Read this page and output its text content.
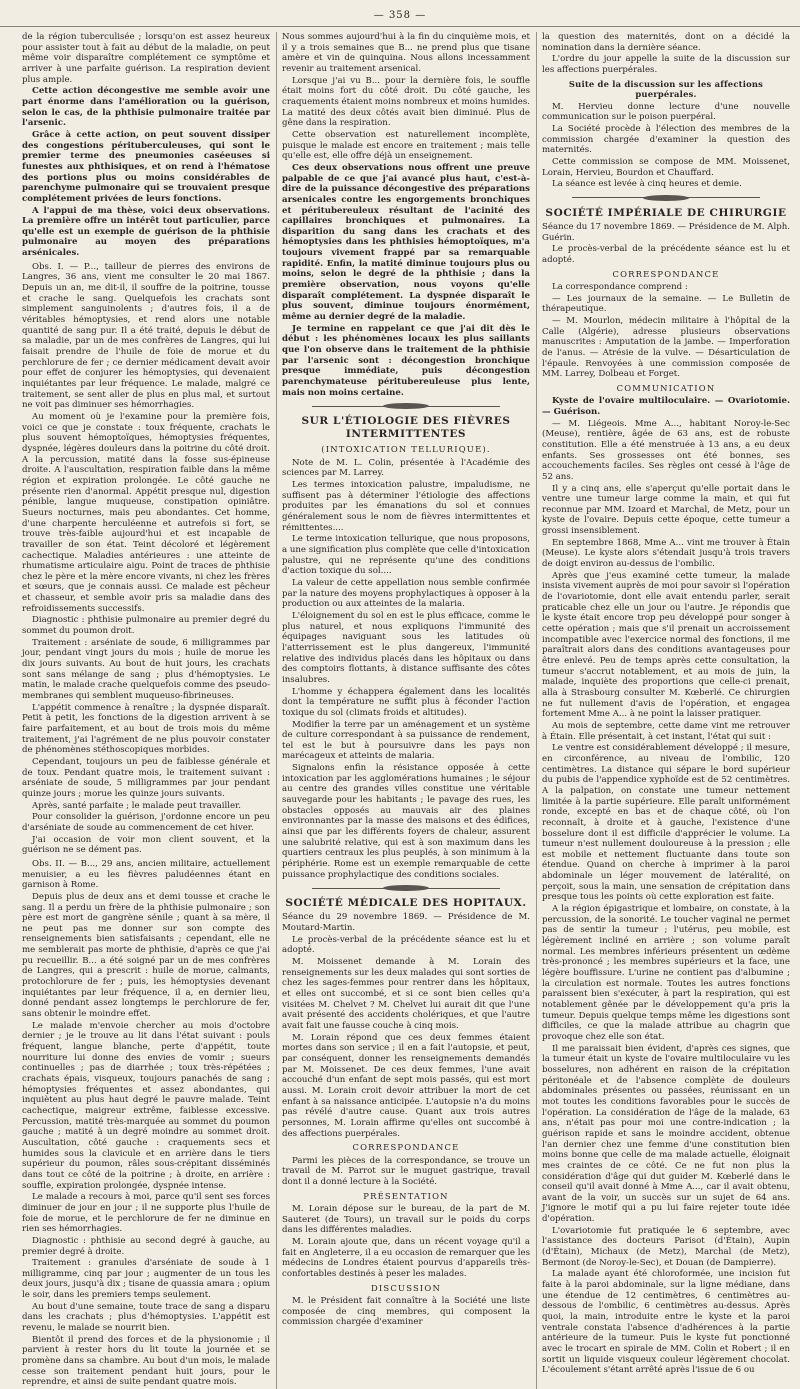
— 358 —

de la région tuberculisée ; lorsqu'on est assez heureux pour assister tout à fait au début de la maladie, on peut même voir disparaître complétement ce symptôme et arriver à une parfaite guérison. La respiration devient plus ample.

Cette action décongestive me semble avoir une part énorme dans l'amélioration ou la guérison, selon le cas, de la phthisie pulmonaire traitée par l'arsenic.

Grâce à cette action, on peut souvent dissiper des congestions pérituberculeuses, qui sont le premier terme des pneumonies caséeuses si funestes aux phthisiques, et on rend à l'hématose des portions plus ou moins considérables de parenchyme pulmonaire qui se trouvaient presque complétement privées de leurs fonctions.

A l'appui de ma thèse, voici deux observations. La première offre un intérêt tout particulier, parce qu'elle est un exemple de guérison de la phthisie pulmonaire au moyen des préparations arsénicales.

Obs. I. — P..., tailleur de pierres des environs de Langres, 36 ans, vient me consulter le 20 mai 1867. Depuis un an, me dit-il, il souffre de la poitrine, tousse et crache le sang. Quelquefois les crachats sont simplement sanguinolents ; d'autres fois, il a de véritables hémoptysies, et rend alors une notable quantité de sang pur. Il a été traité, depuis le début de sa maladie, par un de mes confrères de Langres, qui lui faisait prendre de l'huile de foie de morue et du perchlorure de fer ; ce dernier médicament devait avoir pour effet de conjurer les hémoptysies, qui devenaient inquiétantes par leur fréquence. Le malade, malgré ce traitement, se sent aller de plus en plus mal, et surtout ne voit pas diminuer ses hémorrhagies.

Au moment où je l'examine pour la première fois, voici ce que je constate : toux fréquente, crachats le plus souvent hémoptoïques, hémoptysies fréquentes, dyspnée, légères douleurs dans la poitrine du côté droit. A la percussion, matité dans la fosse sus-épineuse droite. A l'auscultation, respiration faible dans la même région et expiration prolongée. Le côté gauche ne présente rien d'anormal. Appétit presque nul, digestion pénible, langue muqueuse, constipation opiniâtre. Sueurs nocturnes, mais peu abondantes. Cet homme, d'une charpente herculéenne et autrefois si fort, se trouve très-faible aujourd'hui et est incapable de travailler de son état. Teint décoloré et légèrement cachectique. Maladies antérieures : une atteinte de rhumatisme articulaire aigu. Point de traces de phthisie chez le père et la mère encore vivants, ni chez les frères et sœurs, que je connais aussi. Ce malade est pêcheur et chasseur, et semble avoir pris sa maladie dans des refroidissements successifs.

Diagnostic : phthisie pulmonaire au premier degré du sommet du poumon droit.

Traitement : arséniate de soude, 6 milligrammes par jour, pendant vingt jours du mois ; huile de morue les dix jours suivants. Au bout de huit jours, les crachats sont sans mélange de sang ; plus d'hémoptysies. Le matin, le malade crache quelquefois comme des pseudo-membranes qui semblent muqueuso-fibrineuses.

L'appétit commence à renaître ; la dyspnée disparaît. Petit à petit, les fonctions de la digestion arrivent à se faire parfaitement, et au bout de trois mois du même traitement, j'ai l'agrément de ne plus pouvoir constater de phénomènes stéthoscopiques morbides.

Cependant, toujours un peu de faiblesse générale et de toux. Pendant quatre mois, le traitement suivant : arséniate de soude, 5 milligrammes par jour pendant quinze jours ; morue les quinze jours suivants.

Après, santé parfaite ; le malade peut travailler.

Pour consolider la guérison, j'ordonne encore un peu d'arséniate de soude au commencement de cet hiver.

J'ai occasion de voir mon client souvent, et la guérison ne se dément pas.

Obs. II. — B..., 29 ans, ancien militaire, actuellement menuisier, a eu les fièvres paludéennes étant en garnison à Rome.

Depuis plus de deux ans et demi tousse et crache le sang. Il a perdu un frère de la phthisie pulmonaire ; son père est mort de gangrène sénile ; quant à sa mère, il ne peut pas me donner sur son compte des renseignements bien satisfaisants ; cependant, elle ne me semblerait pas morte de phthisie, d'après ce que j'ai pu recueillir. B... a été soigné par un de mes confrères de Langres, qui a prescrit : huile de morue, calmants, protochlorure de fer ; puis, les hémoptysies devenant inquiétantes par leur fréquence, il a, en dernier lieu, donné pendant assez longtemps le perchlorure de fer, sans obtenir le moindre effet.

Le malade m'envoie chercher au mois d'octobre dernier ; je le trouve au lit dans l'état suivant : pouls fréquent, langue blanche, perte d'appétit, toute nourriture lui donne des envies de vomir ; sueurs continuelles ; pas de diarrhée ; toux très-répétées ; crachats épais, visqueux, toujours panachés de sang ; hémoptysies fréquentes et assez abondantes, qui inquiètent au plus haut degré le pauvre malade. Teint cachectique, maigreur extrême, faiblesse excessive. Percussion, matité très-marquée au sommet du poumon gauche ; matité à un degré moindre au sommet droit. Auscultation, côté gauche : craquements secs et humides sous la clavicule et en arrière dans le tiers supérieur du poumon, râles sous-crépitant disséminés dans tout ce côté de la poitrine ; à droite, en arrière : souffle, expiration prolongée, dyspnée intense.

Le malade a recours à moi, parce qu'il sent ses forces diminuer de jour en jour ; il ne supporte plus l'huile de foie de morue, et le perchlorure de fer ne diminue en rien ses hémorrhagies.

Diagnostic : phthisie au second degré à gauche, au premier degré à droite.

Traitement : granules d'arséniate de soude à 1 milligramme, cinq par jour ; augmenter de un tous les deux jours, jusqu'à dix ; tisane de quassia amara ; opium le soir, dans les premiers temps seulement.

Au bout d'une semaine, toute trace de sang a disparu dans les crachats ; plus d'hémoptysies. L'appétit est revenu, le malade se nourrit bien.

Bientôt il prend des forces et de la physionomie ; il parvient à rester hors du lit toute la journée et se promène dans sa chambre. Au bout d'un mois, le malade cesse son traitement pendant huit jours, pour le reprendre, et ainsi de suite pendant quatre mois.

Nous sommes aujourd'hui à la fin du cinquième mois, et il y a trois semaines que B... ne prend plus que tisane amère et vin de quinquina. Nous allons incessamment revenir au traitement arsenical.

Lorsque j'ai vu B... pour la dernière fois, le souffle était moins fort du côté droit. Du côté gauche, les craquements étaient moins nombreux et moins humides. La matité des deux côtés avait bien diminué. Plus de gêne dans la respiration.

Cette observation est naturellement incomplète, puisque le malade est encore en traitement ; mais telle qu'elle est, elle offre déjà un enseignement.

Ces deux observations nous offrent une preuve palpable de ce que j'ai avancé plus haut, c'est-à-dire de la puissance décongestive des préparations arsenicales contre les engorgements bronchiques et péritubereuleux résultant de l'acinité des capillaires bronchiques et pulmonaires. La disparition du sang dans les crachats et des hémoptysies dans les phthisies hémoptoïques, m'a toujours vivement frappé par sa remarquable rapidité. Enfin, la matité diminue toujours plus ou moins, selon le degré de la phthisie ; dans la première observation, nous voyons qu'elle disparaît complétement. La dyspnée disparaît le plus souvent, diminue toujours énormément, même au dernier degré de la maladie.

Je termine en rappelant ce que j'ai dit dès le début : les phénomènes locaux les plus saillants que l'on observe dans le traitement de la phthisie par l'arsenic sont : décongestion bronchique presque immédiate, puis décongestion parenchymateuse péritubereuleuse plus lente, mais non moins certaine.

SUR L'ÉTIOLOGIE DES FIÈVRES INTERMITTENTES

(INTOXICATION TELLURIQUE).

Note de M. L. Colin, présentée à l'Académie des sciences par M. Larrey.

Les termes intoxication palustre, impaludisme, ne suffisent pas à déterminer l'étiologie des affections produites par les émanations du sol et connues généralement sous le nom de fièvres intermittentes et rémittentes....

Le terme intoxication tellurique, que nous proposons, a une signification plus complète que celle d'intoxication palustre, qui ne représente qu'une des conditions d'action toxique du sol....

La valeur de cette appellation nous semble confirmée par la nature des moyens prophylactiques à opposer à la production ou aux atteintes de la malaria.

L'éloignement du sol en est le plus efficace, comme le plus naturel, et nous expliquons l'immunité des équipages naviguant sous les latitudes où l'atterrissement est le plus dangereux, l'immunité relative des individus placés dans les hôpitaux ou dans des comptoirs flottants, à distance suffisante des côtes insalubres.

L'homme y échappera également dans les localités dont la température ne suffit plus à féconder l'action toxique du sol (climats froids et altitudes).

Modifier la terre par un aménagement et un système de culture correspondant à sa puissance de rendement, tel est le but à poursuivre dans les pays non marécageux et atteints de malaria.

Signalons enfin la résistance opposée à cette intoxication par les agglomérations humaines ; le séjour au centre des grandes villes constitue une véritable sauvegarde pour les habitants ; le pavage des rues, les obstacles opposés au mauvais air des plaines environnantes par la masse des maisons et des édifices, ainsi que par les différents foyers de chaleur, assurent une salubrité relative, qui est à son maximum dans les quartiers centraux les plus peuplés, à son minimum à la périphérie. Rome est un exemple remarquable de cette puissance prophylactique des conditions sociales.

SOCIÉTÉ MÉDICALE DES HOPITAUX.

Séance du 29 novembre 1869. — Présidence de M. Moutard-Martin.

Le procès-verbal de la précédente séance est lu et adopté.

M. Moissenet demande à M. Lorain des renseignements sur les deux malades qui sont sorties de chez les sages-femmes pour rentrer dans les hôpitaux, et elles ont succombé, et si ce sont bien celles qu'a visitées M. Chelvet ? M. Chelvet lui aurait dit que l'une avait présenté des accidents cholériques, et que l'autre avait fait une fausse couche à cinq mois.

M. Lorain répond que ces deux femmes étaient mortes dans son service ; il en a fait l'autopsie, et peut, par conséquent, donner les renseignements demandés par M. Moissenet. De ces deux femmes, l'une avait accouché d'un enfant de sept mois passés, qui est mort aussi. M. Lorain croit devoir attribuer la mort de cet enfant à sa naissance anticipée. L'autopsie n'a du moins pas révélé d'autre cause. Quant aux trois autres personnes, M. Lorain affirme qu'elles ont succombé à des affections puerpérales.

CORRESPONDANCE

Parmi les pièces de la correspondance, se trouve un travail de M. Parrot sur le muguet gastrique, travail dont il a donné lecture à la Société.

PRÉSENTATION

M. Lorain dépose sur le bureau, de la part de M. Sauteret (de Tours), un travail sur le poids du corps dans les différentes maladies.

M. Lorain ajoute que, dans un récent voyage qu'il a fait en Angleterre, il a eu occasion de remarquer que les médecins de Londres étaient pourvus d'appareils très-confortables destinés à peser les malades.

DISCUSSION

M. le Président fait connaître à la Société une liste composée de cinq membres, qui composent la commission chargée d'examiner

la question des maternités, dont on a décidé la nomination dans la dernière séance.

L'ordre du jour appelle la suite de la discussion sur les affections puerpérales.

Suite de la discussion sur les affections puerpérales.

M. Hervieu donne lecture d'une nouvelle communication sur le poison puerpéral.

La Société procède à l'élection des membres de la commission chargée d'examiner la question des maternités.

Cette commission se compose de MM. Moissenet, Lorain, Hervieu, Bourdon et Chauffard.

La séance est levée à cinq heures et demie.

SOCIÉTÉ IMPÉRIALE DE CHIRURGIE

Séance du 17 novembre 1869. — Présidence de M. Alph. Guérin.

Le procès-verbal de la précédente séance est lu et adopté.

CORRESPONDANCE

La correspondance comprend :

— Les journaux de la semaine. — Le Bulletin de thérapeutique.

— M. Mourlon, médecin militaire à l'hôpital de la Calle (Algérie), adresse plusieurs observations manuscrites : Amputation de la jambe. — Imperforation de l'anus. — Atrésie de la vulve. — Désarticulation de l'épaule. Renvoyées à une commission composée de MM. Larrey, Dolbeau et Forget.

COMMUNICATION

Kyste de l'ovaire multiloculaire. — Ovariotomie. — Guérison.

— M. Liégeois. Mme A..., habitant Noroy-le-Sec (Meuse), rentière, âgée de 63 ans, est de robuste constitution. Elle a été menstruée à 13 ans, a eu deux enfants. Ses grossesses ont été bonnes, ses accouchements faciles. Ses règles ont cessé à l'âge de 52 ans.

Il y a cinq ans, elle s'aperçut qu'elle portait dans le ventre une tumeur large comme la main, et qui fut reconnue par MM. Izoard et Marchal, de Metz, pour un kyste de l'ovaire. Depuis cette époque, cette tumeur a grossi insensiblement.

En septembre 1868, Mme A... vint me trouver à Étain (Meuse). Le kyste alors s'étendait jusqu'à trois travers de doigt environ au-dessus de l'ombilic.

Après que j'eus examiné cette tumeur, la malade insista vivement auprès de moi pour savoir si l'opération de l'ovariotomie, dont elle avait entendu parler, serait praticable chez elle un jour ou l'autre. Je répondis que le kyste était encore trop peu développé pour songer à cette opération ; mais que s'il prenait un accroissement incompatible avec l'exercice normal des fonctions, il me paraîtrait alors dans des conditions avantageuses pour être enlevé. Peu de temps après cette consultation, la tumeur s'accrut notablement, et au mois de juin, la malade, inquiète des proportions que celle-ci prenait, alla à Strasbourg consulter M. Kœberlé. Ce chirurgien ne fut nullement d'avis de l'opération, et engagea fortement Mme A... à ne point la laisser pratiquer.

Au mois de septembre, cette dame vint me retrouver à Étain. Elle présentait, à cet instant, l'état qui suit :

Le ventre est considérablement développé ; il mesure, en circonférence, au niveau de l'ombilic, 120 centimètres. La distance qui sépare le bord supérieur du pubis de l'appendice xyphoïde est de 52 centimètres. A la palpation, on constate une tumeur nettement limitée à la partie supérieure. Elle paraît uniformément ronde, excepté en bas et de chaque côté, où l'on reconnaît, à droite et à gauche, l'existence d'une bosselure dont il est difficile d'apprécier le volume. La tumeur n'est nullement douloureuse à la pression ; elle est mobile et nettement fluctuante dans toute son étendue. Quand on cherche à imprimer à la paroi abdominale un léger mouvement de latéralité, on perçoit, sous la main, une sensation de crépitation dans presque tous les points où cette exploration est faite.

A la région épigastrique et lombaire, on constate, à la percussion, de la sonorité. Le toucher vaginal ne permet pas de sentir la tumeur ; l'utérus, peu mobile, est légèrement incliné en arrière ; son volume paraît normal. Les membres inférieurs présentent un œdème très-prononcé ; les membres supérieurs et la face, une légère bouffissure. L'urine ne contient pas d'albumine ; la circulation est normale. Toutes les autres fonctions paraissent bien s'exécuter, à part la respiration, qui est notablement gênée par le développement qu'a pris la tumeur. Depuis quelque temps même les digestions sont difficiles, ce que la malade attribue au chagrin que provoque chez elle son état.

Il me paraissait bien évident, d'après ces signes, que la tumeur était un kyste de l'ovaire multiloculaire vu les bosselures, non adhérent en raison de la crépitation péritonéale et de l'absence complète de douleurs abdominales présentes ou passées, réunissant en un mot toutes les conditions favorables pour le succès de l'opération. La considération de l'âge de la malade, 63 ans, n'était pas pour moi une contre-indication ; la guérison rapide et sans le moindre accident, obtenue l'an dernier chez une femme d'une constitution bien moins bonne que celle de ma malade actuelle, éloignait mes craintes de ce côté. Ce ne fut non plus la considération d'âge qui dut guider M. Kœberlé dans le conseil qu'il avait donné à Mme A..., car il avait obtenu, avant de la voir, un succès sur un sujet de 64 ans. J'ignore le motif qui a pu lui faire rejeter toute idée d'opération.

L'ovariotomie fut pratiquée le 6 septembre, avec l'assistance des docteurs Parisot (d'Étain), Aupin (d'Étain), Michaux (de Metz), Marchal (de Metz), Bermont (de Noroy-le-Sec), et Douan (de Dampierre).

La malade ayant été chloroformée, une incision fut faite à la paroi abdominale, sur la ligne médiane, dans une étendue de 12 centimètres, 6 centimètres au-dessous de l'ombilic, 6 centimètres au-dessus. Après quoi, la main, introduite entre le kyste et la paroi ventrale constata l'absence d'adhérences à la partie antérieure de la tumeur. Puis le kyste fut ponctionné avec le trocart en spirale de MM. Colin et Robert ; il en sortit un liquide visqueux couleur légèrement chocolat. L'écoulement s'étant arrêté après l'issue de 6 ou
